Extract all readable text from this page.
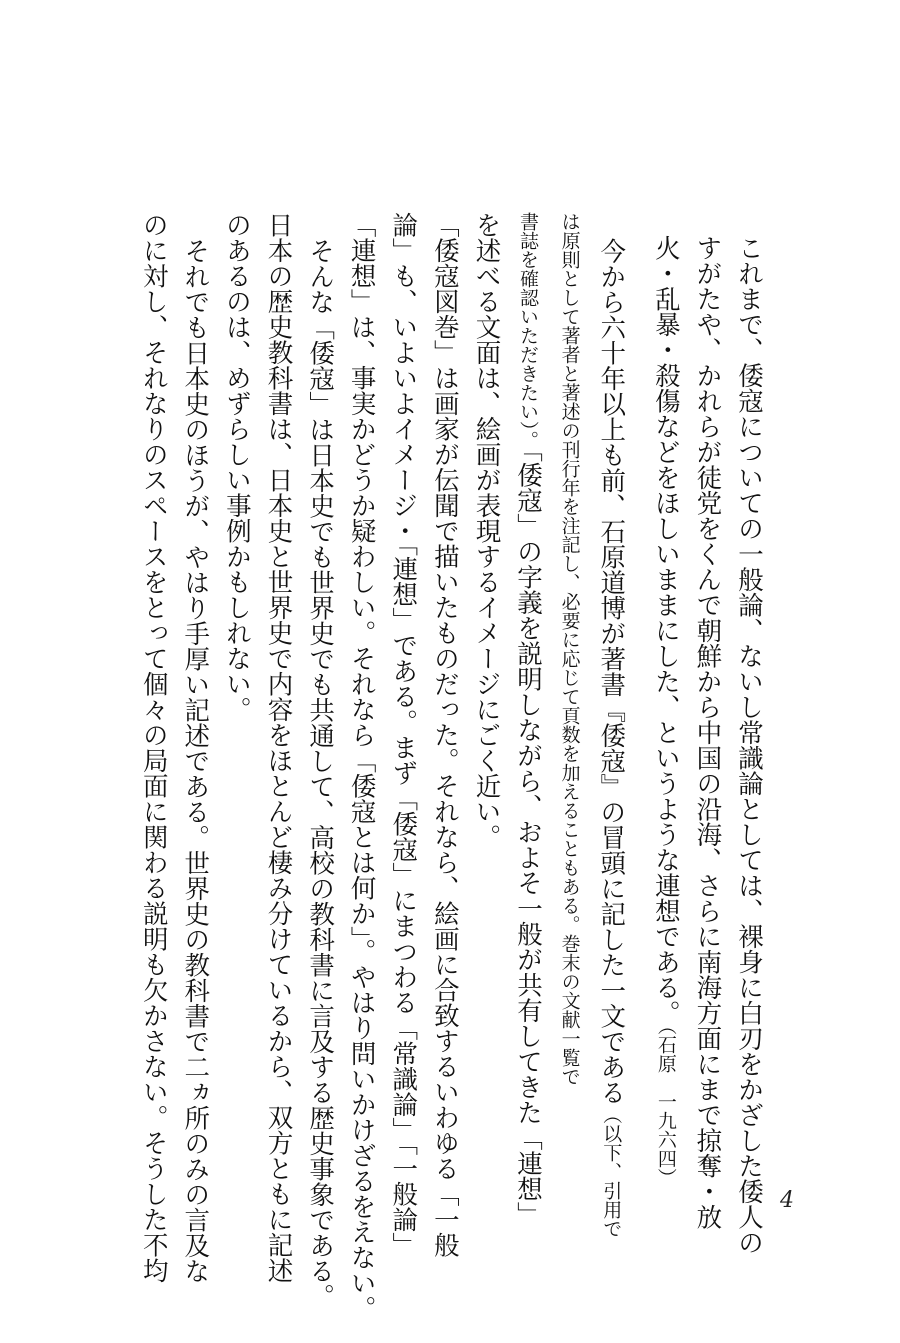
これまで、倭寇についての一般論、ないし常識論としては、裸身に白刃をかざした倭人の
すがたや、かれらが徒党をくんで朝鮮から中国の沿海、さらに南海方面にまで掠奪・放
火・乱暴・殺傷などをほしいままにした、というような連想である。（石原　一九六四）
今から六十年以上も前、石原道博が著書『倭寇』の冒頭に記した一文である（以下、引用で
は原則として著者と著述の刊行年を注記し、必要に応じて頁数を加えることもある。巻末の文献一覧で
書誌を確認いただきたい）。「倭寇」の字義を説明しながら、およそ一般が共有してきた「連想」
を述べる文面は、絵画が表現するイメージにごく近い。
「倭寇図巻」は画家が伝聞で描いたものだった。それなら、絵画に合致するいわゆる「一般
論」も、いよいよイメージ・「連想」である。まず「倭寇」にまつわる「常識論」「一般論」
「連想」は、事実かどうか疑わしい。それなら「倭寇とは何か」。やはり問いかけざるをえない。
そんな「倭寇」は日本史でも世界史でも共通して、高校の教科書に言及する歴史事象である。
日本の歴史教科書は、日本史と世界史で内容をほとんど棲み分けているから、双方ともに記述
のあるのは、めずらしい事例かもしれない。
それでも日本史のほうが、やはり手厚い記述である。世界史の教科書で二ヵ所のみの言及な
のに対し、それなりのスペースをとって個々の局面に関わる説明も欠かさない。そうした不均	4
